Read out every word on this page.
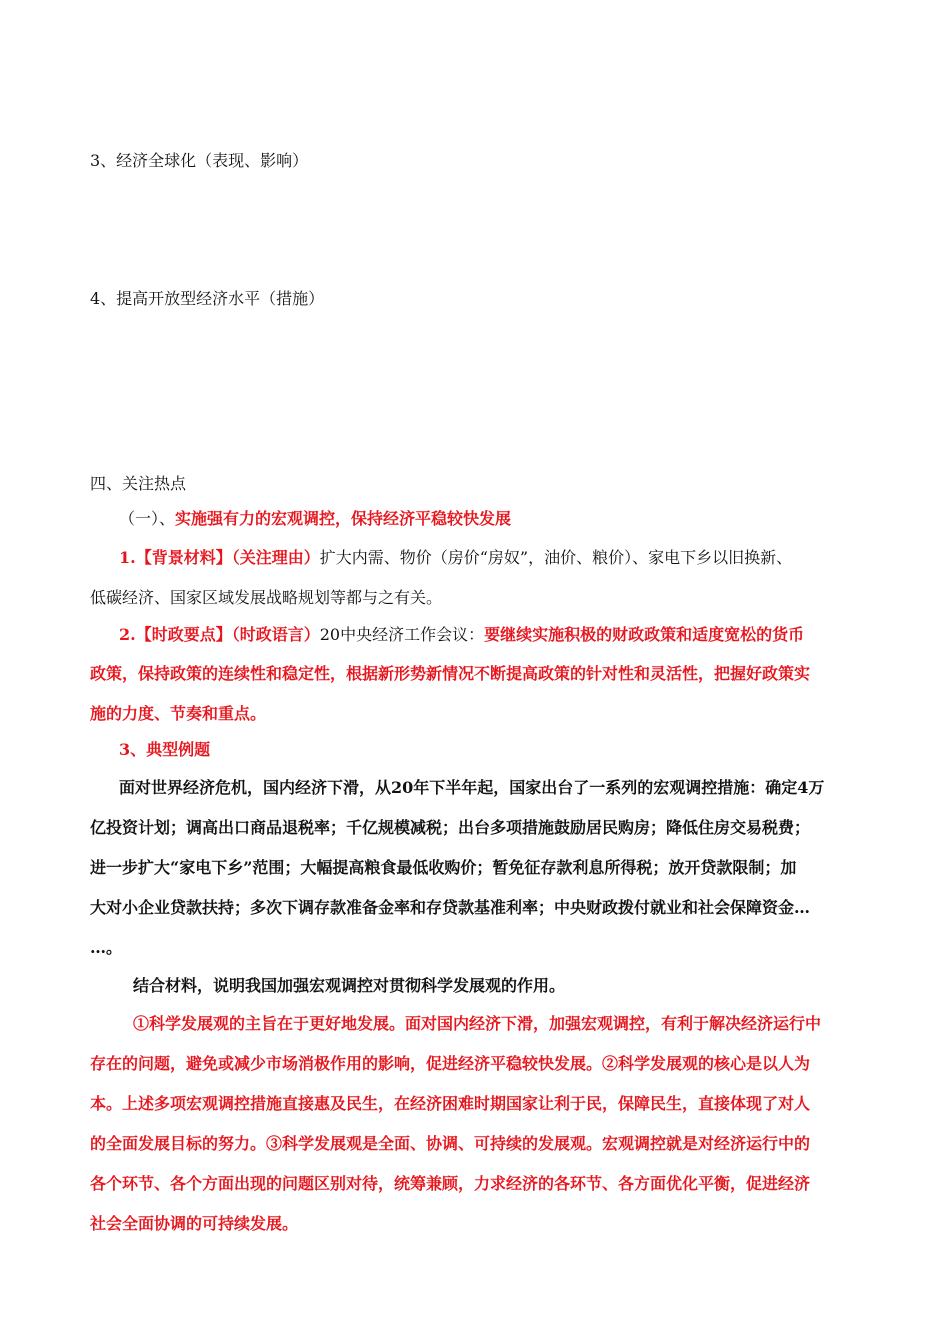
3、经济全球化（表现、影响）
4、提高开放型经济水平（措施）
四、关注热点
（一）、实施强有力的宏观调控，保持经济平稳较快发展
1.【背景材料】（关注理由）扩大内需、物价（房价“房奴”，油价、粮价）、家电下乡以旧换新、
低碳经济、国家区域发展战略规划等都与之有关。
2.【时政要点】（时政语言）20中央经济工作会议：要继续实施积极的财政政策和适度宽松的货币
政策，保持政策的连续性和稳定性，根据新形势新情况不断提高政策的针对性和灵活性，把握好政策实
施的力度、节奏和重点。
3、典型例题
面对世界经济危机，国内经济下滑，从20年下半年起，国家出台了一系列的宏观调控措施：确定4万
亿投资计划；调高出口商品退税率；千亿规模减税；出台多项措施鼓励居民购房；降低住房交易税费；
进一步扩大“家电下乡”范围；大幅提高粮食最低收购价；暂免征存款利息所得税；放开贷款限制；加
大对小企业贷款扶持；多次下调存款准备金率和存贷款基准利率；中央财政拨付就业和社会保障资金…
…。
结合材料，说明我国加强宏观调控对贯彻科学发展观的作用。
①科学发展观的主旨在于更好地发展。面对国内经济下滑，加强宏观调控，有利于解决经济运行中
存在的问题，避免或减少市场消极作用的影响，促进经济平稳较快发展。②科学发展观的核心是以人为
本。上述多项宏观调控措施直接惠及民生，在经济困难时期国家让利于民，保障民生，直接体现了对人
的全面发展目标的努力。③科学发展观是全面、协调、可持续的发展观。宏观调控就是对经济运行中的
各个环节、各个方面出现的问题区别对待，统筹兼顾，力求经济的各环节、各方面优化平衡，促进经济
社会全面协调的可持续发展。
